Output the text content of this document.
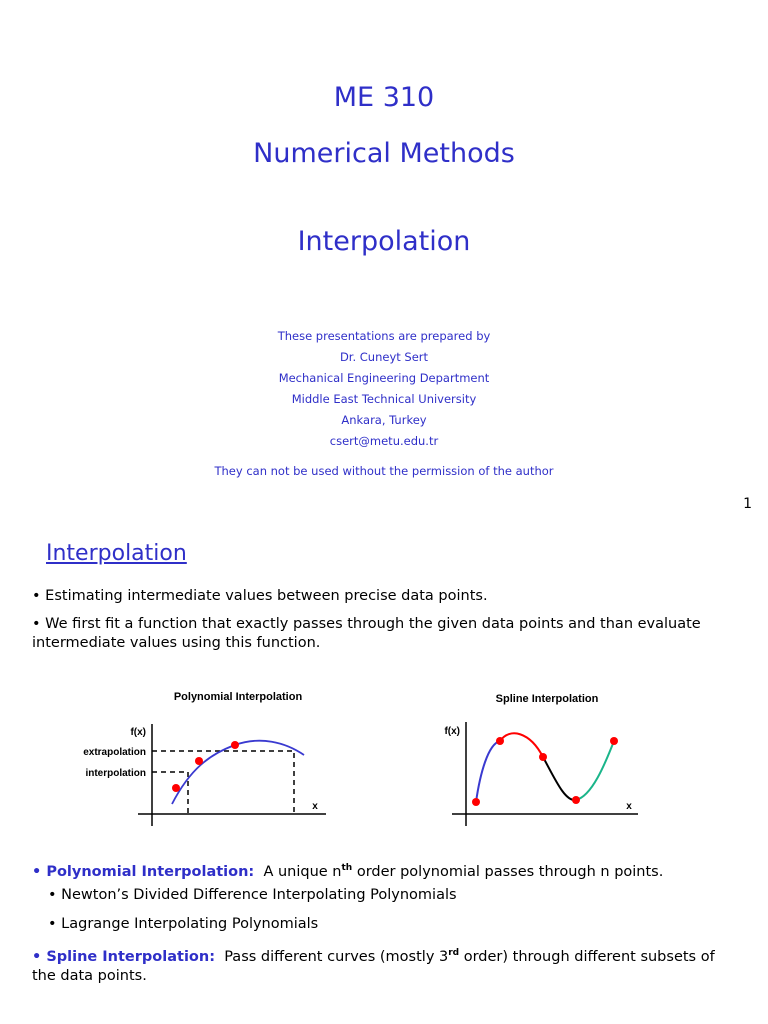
ME 310
Numerical Methods
Interpolation
These presentations are prepared by
Dr. Cuneyt Sert
Mechanical Engineering Department
Middle East Technical University
Ankara, Turkey
csert@metu.edu.tr
They can not be used without the permission of the author
1
Interpolation
• Estimating intermediate values between precise data points.
• We first fit a function that exactly passes through the given data points and than evaluate intermediate values using this function.
Polynomial Interpolation
f(x)
extrapolation
interpolation
x
Spline Interpolation
f(x)
x
• Polynomial Interpolation: A unique $n^{th}$ order polynomial passes through n points.
• Newton’s Divided Difference Interpolating Polynomials
• Lagrange Interpolating Polynomials
• Spline Interpolation: Pass different curves (mostly 3rd order) through different subsets of the data points.
